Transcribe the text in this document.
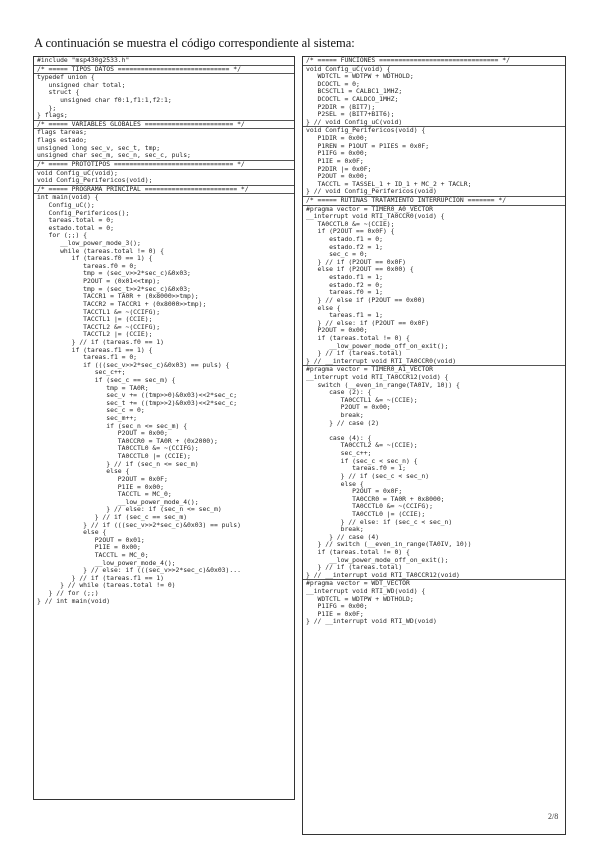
A continuación se muestra el código correspondiente al sistema:
#include "msp430g2533.h"
/* ===== TIPOS DATOS ============================= */
typedef union {
unsigned char total;
struct {
unsigned char f0:1,f1:1,f2:1;
};
} flags;
/* ===== VARIABLES GLOBALES ======================= */
flags tareas;
flags estado;
unsigned long sec_v, sec_t, tmp;
unsigned char sec_m, sec_n, sec_c, puls;
/* ===== PROTOTIPOS =============================== */
void Config_uC(void);
void Config_Perifericos(void);
/* ===== PROGRAMA PRINCIPAL ======================== */
int main(void) {
Config_uC();
Config_Perifericos();
tareas.total = 0;
estado.total = 0;
for (;;) {
__low_power_mode_3();
while (tareas.total != 0) {
if (tareas.f0 == 1) {
tareas.f0 = 0;
tmp = (sec_v>>2*sec_c)&0x03;
P2OUT = (0x01<<tmp);
tmp = (sec_t>>2*sec_c)&0x03;
TACCR1 = TA0R + (0x8000>>tmp);
TACCR2 = TACCR1 + (0x8000>>tmp);
TACCTL1 &= ~(CCIFG);
TACCTL1 |= (CCIE);
TACCTL2 &= ~(CCIFG);
TACCTL2 |= (CCIE);
} // if (tareas.f0 == 1)
if (tareas.f1 == 1) {
tareas.f1 = 0;
if (((sec_v>>2*sec_c)&0x03) == puls) {
sec_c++;
if (sec_c == sec_m) {
tmp = TA0R;
sec_v += ((tmp>>0)&0x03)<<2*sec_c;
sec_t += ((tmp>>2)&0x03)<<2*sec_c;
sec_c = 0;
sec_m++;
if (sec_n <= sec_m) {
P2OUT = 0x00;
TA0CCR0 = TA0R + (0x2000);
TA0CCTL0 &= ~(CCIFG);
TA0CCTL0 |= (CCIE);
} // if (sec_n <= sec_m)
else {
P2OUT = 0x0F;
P1IE = 0x00;
TACCTL = MC_0;
__low_power_mode_4();
} // else: if (sec_n <= sec_m)
} // if (sec_c == sec_m)
} // if (((sec_v>>2*sec_c)&0x03) == puls)
else {
P2OUT = 0x01;
P1IE = 0x00;
TACCTL = MC_0;
__low_power_mode_4();
} // else: if (((sec_v>>2*sec_c)&0x03)...
} // if (tareas.f1 == 1)
} // while (tareas.total != 0)
} // for (;;)
} // int main(void)
/* ===== FUNCIONES =============================== */
void Config_uC(void) {
WDTCTL = WDTPW + WDTHOLD;
DCOCTL = 0;
BCSCTL1 = CALBC1_1MHZ;
DCOCTL = CALDCO_1MHZ;
P2DIR = (BIT7);
P2SEL = (BIT7+BIT6);
} // void Config_uC(void)
void Config_Perifericos(void) {
P1DIR = 0x00;
P1REN = P1OUT = P1IES = 0x0F;
P1IFG = 0x00;
P1IE = 0x0F;
P2DIR |= 0x0F;
P2OUT = 0x00;
TACCTL = TASSEL_1 + ID_1 + MC_2 + TACLR;
} // void Config_Perifericos(void)
/* ===== RUTINAS TRATAMIENTO INTERRUPCION ======= */
#pragma vector = TIMER0_A0_VECTOR
__interrupt void RTI_TA0CCR0(void) {
TA0CCTL0 &= ~(CCIE);
if (P2OUT == 0x0F) {
estado.f1 = 0;
estado.f2 = 1;
sec_c = 0;
} // if (P2OUT == 0x0F)
else if (P2OUT == 0x00) {
estado.f1 = 1;
estado.f2 = 0;
tareas.f0 = 1;
} // else if (P2OUT == 0x00)
else {
tareas.f1 = 1;
} // else: if (P2OUT == 0x0F)
P2OUT = 0x00;
if (tareas.total != 0) {
__low_power_mode_off_on_exit();
} // if (tareas.total)
} // __interrupt void RTI_TA0CCR0(void)
#pragma vector = TIMER0_A1_VECTOR
__interrupt void RTI_TA0CCR12(void) {
switch (__even_in_range(TA0IV, 10)) {
case (2): {
TA0CCTL1 &= ~(CCIE);
P2OUT = 0x00;
break;
} // case (2)
case (4): {
TA0CCTL2 &= ~(CCIE);
sec_c++;
if (sec_c < sec_n) {
tareas.f0 = 1;
} // if (sec_c < sec_n)
else {
P2OUT = 0x0F;
TA0CCR0 = TA0R + 0x8000;
TA0CCTL0 &= ~(CCIFG);
TA0CCTL0 |= (CCIE);
} // else: if (sec_c < sec_n)
break;
} // case (4)
} // switch (__even_in_range(TA0IV, 10))
if (tareas.total != 0) {
__low_power_mode_off_on_exit();
} // if (tareas.total)
} // __interrupt void RTI_TA0CCR12(void)
#pragma vector = WDT_VECTOR
__interrupt void RTI_WD(void) {
WDTCTL = WDTPW + WDTHOLD;
P1IFG = 0x00;
P1IE = 0x0F;
} // __interrupt void RTI_WD(void)
2/8
